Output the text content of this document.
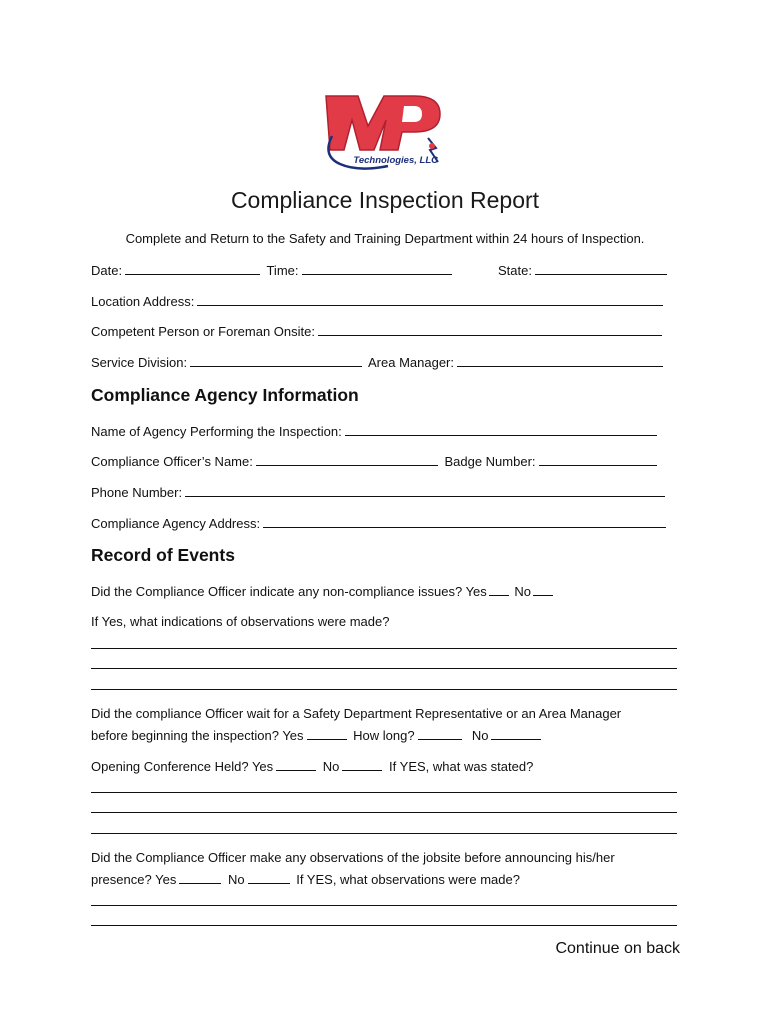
Technologies, LLC
Compliance Inspection Report
Complete and Return to the Safety and Training Department within 24 hours of Inspection.
Date:	Time:	State:
Location Address:
Competent Person or Foreman Onsite:
Service Division:	Area Manager:
Compliance Agency Information
Name of Agency Performing the Inspection:
Compliance Officer’s Name:	Badge Number:
Phone Number:
Compliance Agency Address:
Record of Events
Did the Compliance Officer indicate any non-compliance issues? Yes No
If Yes, what indications of observations were made?
Did the compliance Officer wait for a Safety Department Representative or an Area Manager
before beginning the inspection? Yes	How long?	No
Opening Conference Held? Yes	No	If YES, what was stated?
Did the Compliance Officer make any observations of the jobsite before announcing his/her
presence? Yes	No	If YES, what observations were made?
Continue on back
